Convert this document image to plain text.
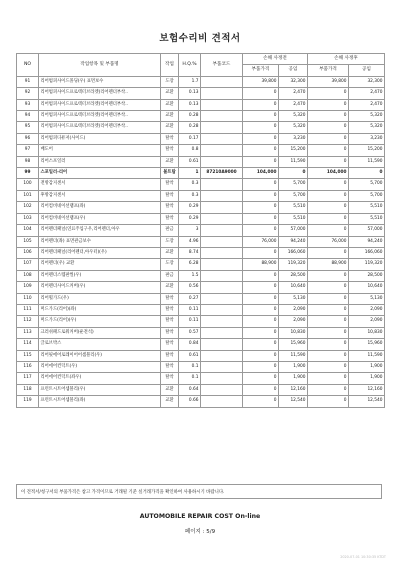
보험수리비 견적서
NO	작업항목 및 부품명	작업	H.Q.%	부품코드	손해 사정전		손해 사정후	
					부품가격	공임	부품가격	공임
91	리어범퍼사이드몰딩(우) 표면보수	도장	1.7		39,800	32,300	39,800	32,300
92	리어범퍼사이드프로텍터브라켓(리어펜더부착..	교환	0.13		0	2,470	0	2,470
93	리어범퍼사이드프로텍터브라켓(리어펜더부착..	교환	0.13		0	2,470	0	2,470
94	리어범퍼사이드프로텍터브라켓(리어펜더부착..	교환	0.28		0	5,320	0	5,320
95	리어범퍼사이드프로텍터브라켓(리어펜더부착..	교환	0.28		0	5,320	0	5,320
96	리어범퍼디퓨저(사이드)	탈착	0.17		0	3,230	0	3,230
97	배도어	탈착	0.8		0	15,200	0	15,200
98	리어스포일러	교환	0.61		0	11,590	0	11,590
99	스포일러-리어	볼트탑	1	87210A9000	104,000	0	104,000	0
100	전방감지센서	탈착	0.3		0	5,700	0	5,700
101	후방감지센서	탈착	0.3		0	5,700	0	5,700
102	리어컴비네이션램프(좌)	탈착	0.29		0	5,510	0	5,510
103	리어컴비네이션램프(우)	탈착	0.29		0	5,510	0	5,510
104	리어펜더패널(연료주입구우,리어펜더,아우	판금	3		0	57,000	0	57,000
105	리어펜더(좌) 표면관금보수	도장	4.96		76,000	94,240	76,000	94,240
106	리어펜더패널(리어펜더,아우터)(우)	교환	8.74		0	166,060	0	166,060
107	리어펜더(우) 교환	도장	6.28		88,900	119,320	88,900	119,320
108	리어펜더스텝판씰(우)	판금	1.5		0	28,500	0	28,500
109	리어펜더사이드커버(우)	교환	0.56		0	10,640	0	10,640
110	리어휠가드(우)	탈착	0.27		0	5,130	0	5,130
111	머드가드(리어)(좌)	탈착	0.11		0	2,090	0	2,090
112	머드가드(리어)(우)	탈착	0.11		0	2,090	0	2,090
113	크러쉬패드로워커버(운전석)	탈착	0.57		0	10,830	0	10,830
114	글로브박스	탈착	0.84		0	15,960	0	15,960
115	리어핏에어로레이어어셈블리(우)	탈착	0.61		0	11,590	0	11,590
116	리어에어컨덕트(우)	탈착	0.1		0	1,900	0	1,900
117	리어에어컨덕트(좌우)	탈착	0.1		0	1,900	0	1,900
118	프런트시트어셈블리(우)	교환	0.64		0	12,160	0	12,160
119	프런트시트어셈블리(좌)	교환	0.66		0	12,540	0	12,540
이 견적서/청구서의 부품가격은 참고 가격이므로 거래될 기준 실거래가격을 확인하여 사용하시기 바랍니다.
AUTOMOBILE REPAIR COST On-line
페이지 : 5/9
2020-07-01 10:30:35 KTDT
